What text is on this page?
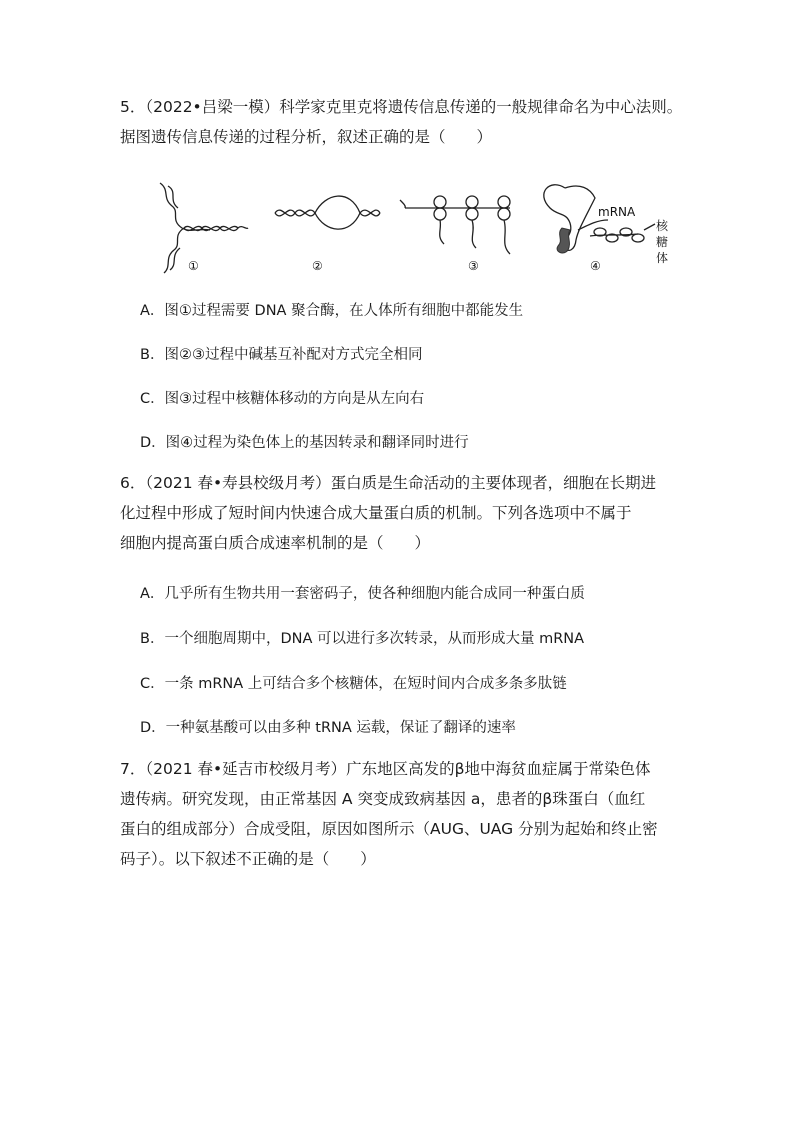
5．（2022•吕梁一模）科学家克里克将遗传信息传递的一般规律命名为中心法则。
据图遗传信息传递的过程分析，叙述正确的是（　　）
①	②	③	④
mRNA
核
糖
体
A．图①过程需要 DNA 聚合酶，在人体所有细胞中都能发生
B．图②③过程中碱基互补配对方式完全相同
C．图③过程中核糖体移动的方向是从左向右
D．图④过程为染色体上的基因转录和翻译同时进行
6．（2021 春•寿县校级月考）蛋白质是生命活动的主要体现者，细胞在长期进
化过程中形成了短时间内快速合成大量蛋白质的机制。下列各选项中不属于
细胞内提高蛋白质合成速率机制的是（　　）
A．几乎所有生物共用一套密码子，使各种细胞内能合成同一种蛋白质
B．一个细胞周期中，DNA 可以进行多次转录，从而形成大量 mRNA
C．一条 mRNA 上可结合多个核糖体，在短时间内合成多条多肽链
D．一种氨基酸可以由多种 tRNA 运载，保证了翻译的速率
7．（2021 春•延吉市校级月考）广东地区高发的β地中海贫血症属于常染色体
遗传病。研究发现，由正常基因 A 突变成致病基因 a，患者的β珠蛋白（血红
蛋白的组成部分）合成受阻，原因如图所示（AUG、UAG 分别为起始和终止密
码子）。以下叙述不正确的是（　　）
